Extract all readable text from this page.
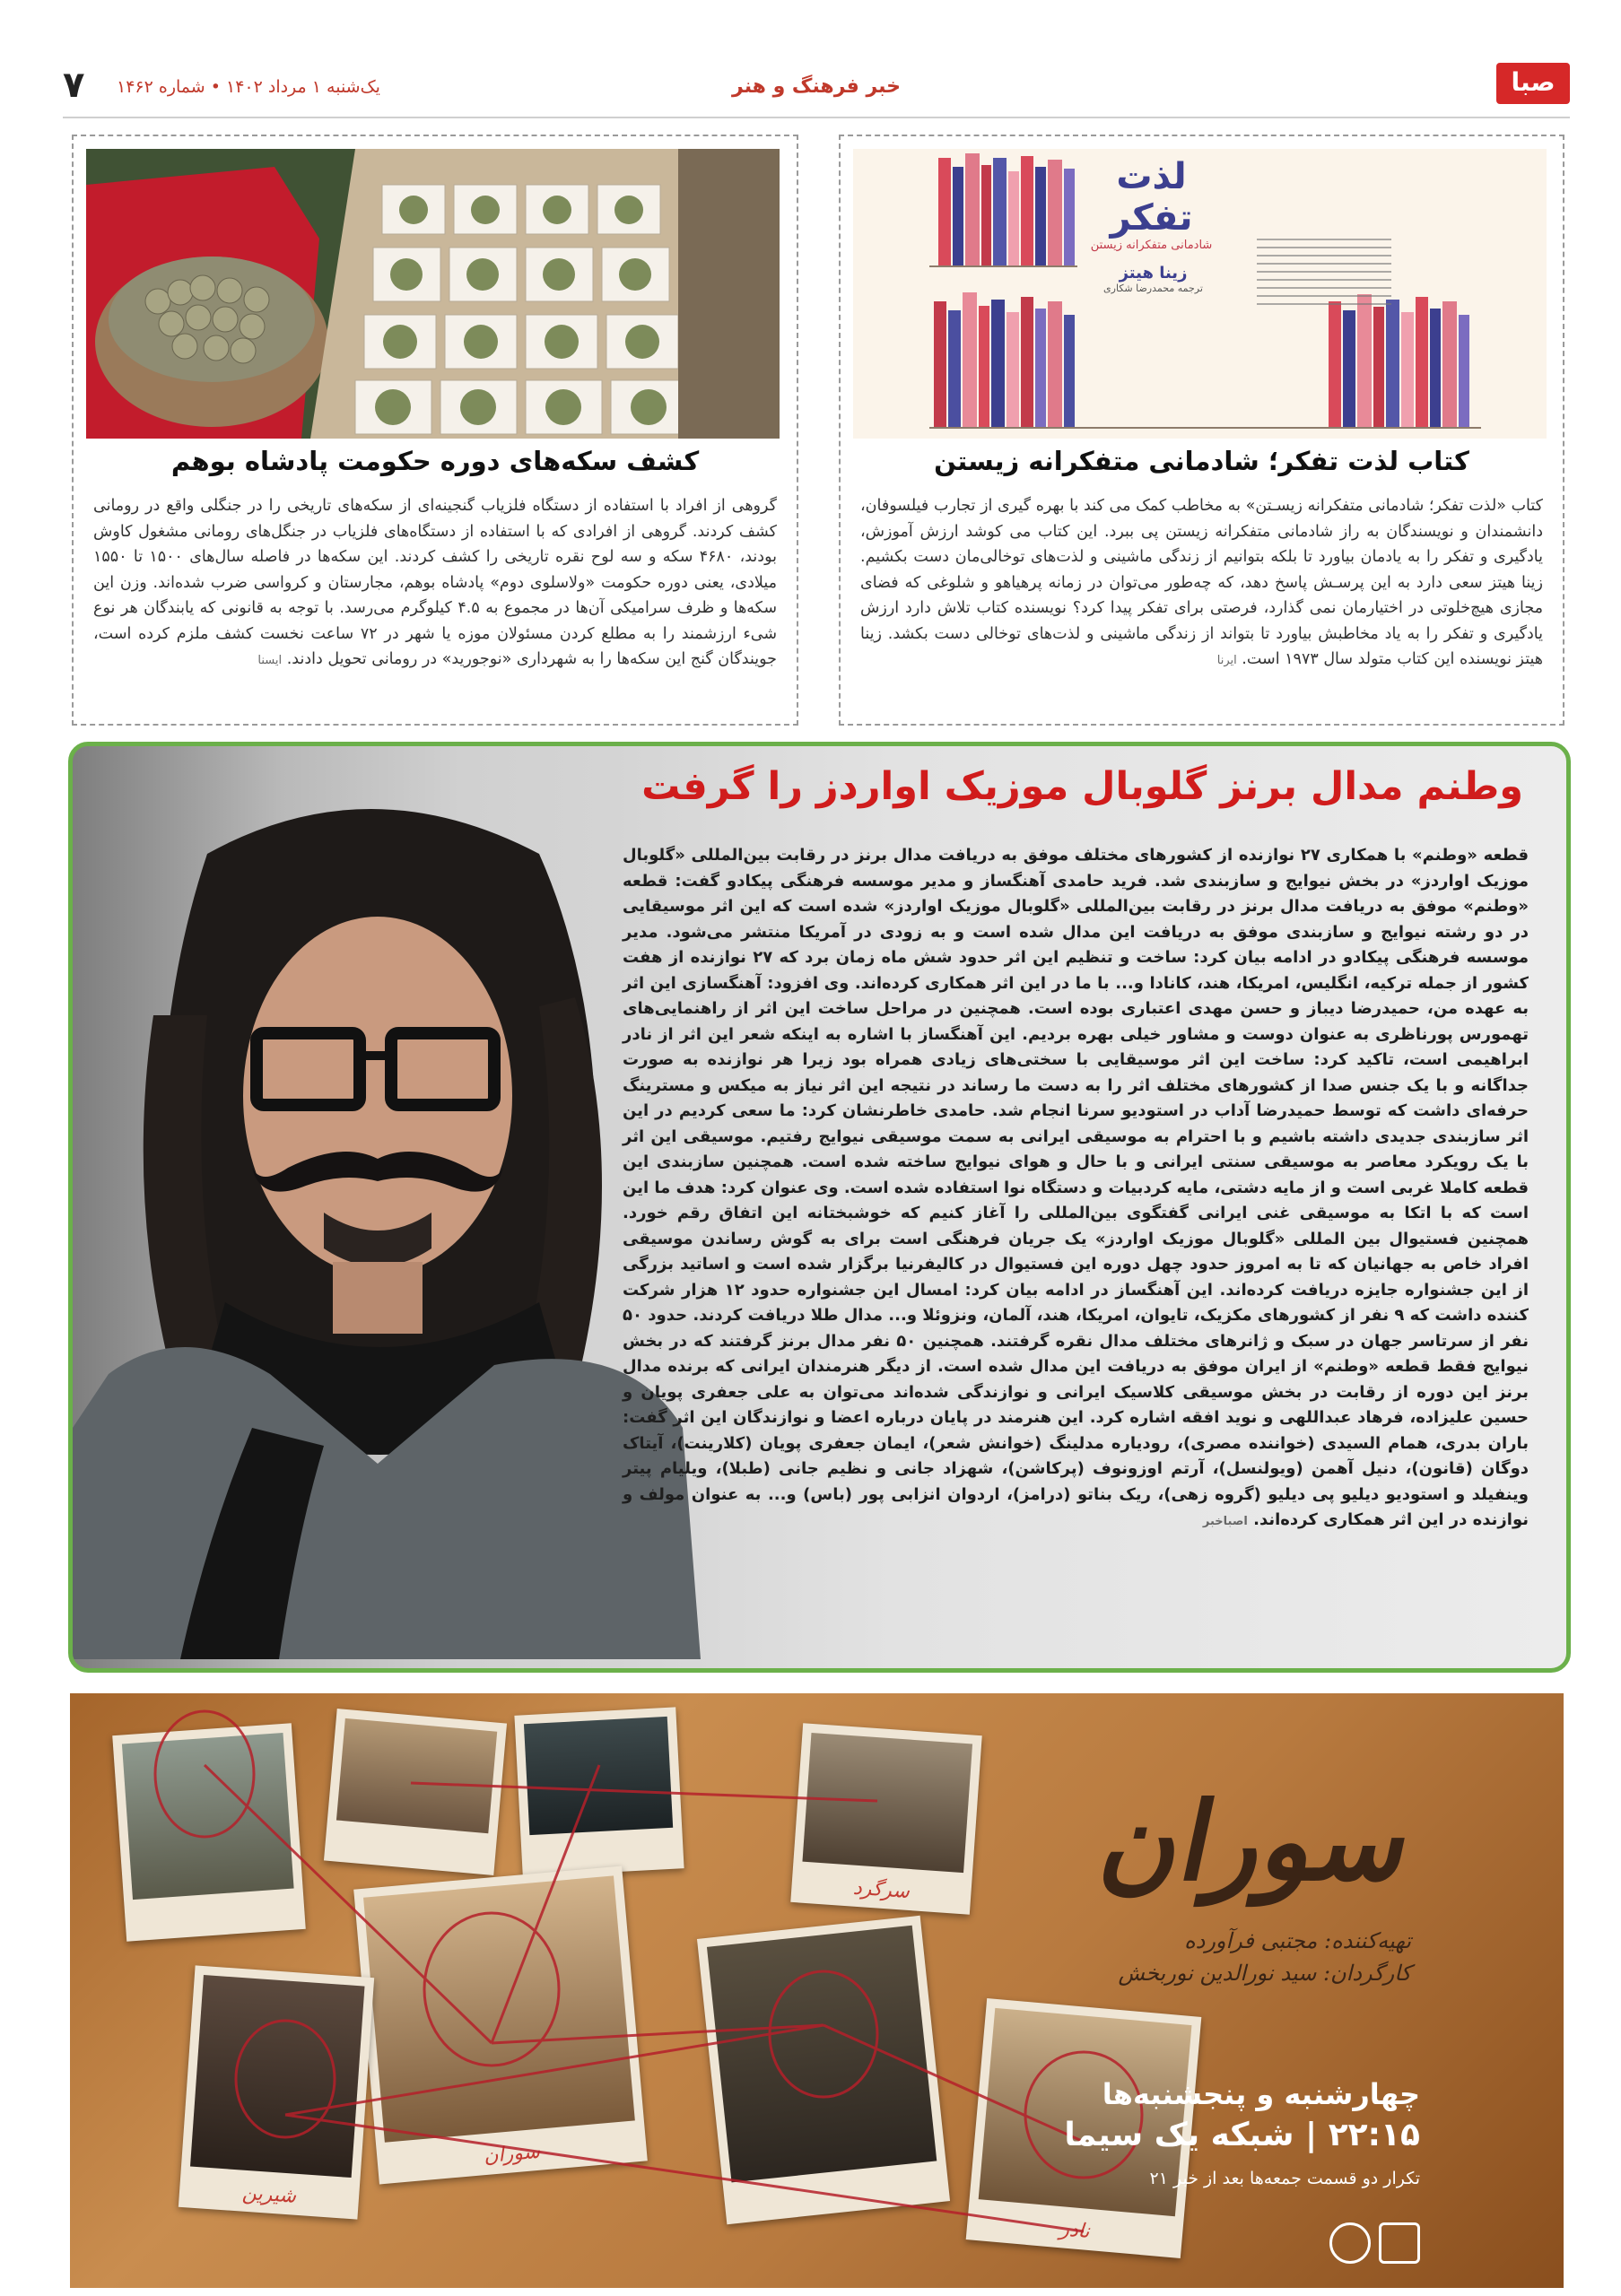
۷ یک‌شنبه ۱ مرداد ۱۴۰۲ • شماره ۱۴۶۲	خبر فرهنگ و هنر	صبا
لذت تفکر
شادمانی متفکرانه زیستن
زینا هیتز
ترجمه محمدرضا شکاری
کتاب لذت تفکر؛ شادمانی متفکرانه زیستن
کتاب «لذت تفکر؛ شادمانی متفکرانه زیسـتن» به مخاطب کمک می کند با بهره گیری از تجارب فیلسوفان، دانشمندان و نویسندگان به راز شادمانی متفکرانه زیستن پی ببرد. این کتاب می کوشد ارزش آموزش، یادگیری و تفکر را به یادمان بیاورد تا بلکه بتوانیم از زندگی ماشینی و لذت‌های توخالی‌مان دست بکشیم. زینا هیتز سعی دارد به این پرسـش پاسخ دهد، که چه‌طور می‌توان در زمانه پرهیاهو و شلوغی که فضای مجازی هیچ‌خلوتی در اختیارمان نمی گذارد، فرصتی برای تفکر پیدا کرد؟ نویسنده کتاب تلاش دارد ارزش یادگیری و تفکر را به یاد مخاطبش بیاورد تا بتواند از زندگی ماشینی و لذت‌های توخالی دست بکشد. زینا هیتز نویسنده این کتاب متولد سال ۱۹۷۳ است. ایرنا
کشف سکه‌های دوره حکومت پادشاه بوهم
گروهی از افراد با استفاده از دستگاه فلزیاب گنجینه‌ای از سکه‌های تاریخی را در جنگلی واقع در رومانی کشف کردند. گروهی از افرادی که با استفاده از دستگاه‌های فلزیاب در جنگل‌های رومانی مشغول کاوش بودند، ۴۶۸۰ سکه و سه لوح نقره تاریخی را کشف کردند. این سکه‌ها در فاصله سال‌های ۱۵۰۰ تا ۱۵۵۰ میلادی، یعنی دوره حکومت «ولاسلوی دوم» پادشاه بوهم، مجارستان و کرواسی ضرب شده‌اند. وزن این سکه‌ها و ظرف سرامیکی آن‌ها در مجموع به ۴.۵ کیلوگرم می‌رسد. با توجه به قانونی که یابندگان هر نوع شیء ارزشمند را به مطلع کردن مسئولان موزه یا شهر در ۷۲ ساعت نخست کشف ملزم کرده است، جویندگان گنج این سکه‌ها را به شهرداری «نوجورید» در رومانی تحویل دادند. ایسنا
وطنم مدال برنز گلوبال موزیک اواردز را گرفت
قطعه «وطنم» با همکاری ۲۷ نوازنده از کشورهای مختلف موفق به دریافت مدال برنز در رقابت بین‌المللی «گلوبال موزیک اواردز» در بخش نیوایج و سازبندی شد. فرید حامدی آهنگساز و مدیر موسسه فرهنگی پیکادو گفت: قطعه «وطنم» موفق به دریافت مدال برنز در رقابت بین‌المللی «گلوبال موزیک اواردز» شده است که این اثر موسیقایی در دو رشته نیوایج و سازبندی موفق به دریافت این مدال شده است و به زودی در آمریکا منتشر می‌شود. مدیر موسسه فرهنگی پیکادو در ادامه بیان کرد: ساخت و تنظیم این اثر حدود شش ماه زمان برد که ۲۷ نوازنده از هفت کشور از جمله ترکیه، انگلیس، امریکا، هند، کانادا و... با ما در این اثر همکاری کرده‌اند. وی افزود: آهنگسازی این اثر به عهده من، حمیدرضا دیباز و حسن مهدی اعتباری بوده است. همچنین در مراحل ساخت این اثر از راهنمایی‌های تهمورس پورناظری به عنوان دوست و مشاور خیلی بهره بردیم. این آهنگساز با اشاره به اینکه شعر این اثر از نادر ابراهیمی است، تاکید کرد: ساخت این اثر موسیقایی با سختی‌های زیادی همراه بود زیرا هر نوازنده به صورت جداگانه و با یک جنس صدا از کشورهای مختلف اثر را به دست ما رساند در نتیجه این اثر نیاز به میکس و مسترینگ حرفه‌ای داشت که توسط حمیدرضا آداب در استودیو سرنا انجام شد. حامدی خاطرنشان کرد: ما سعی کردیم در این اثر سازبندی جدیدی داشته باشیم و با احترام به موسیقی ایرانی به سمت موسیقی نیوایج رفتیم. موسیقی این اثر با یک رویکرد معاصر به موسیقی سنتی ایرانی و با حال و هوای نیوایج ساخته شده است. همچنین سازبندی این قطعه کاملا غربی است و از مایه دشتی، مایه کردبیات و دستگاه نوا استفاده شده است. وی عنوان کرد: هدف ما این است که با اتکا به موسیقی غنی ایرانی گفتگوی بین‌المللی را آغاز کنیم که خوشبختانه این اتفاق رقم خورد. همچنین فستیوال بین المللی «گلوبال موزیک اواردز» یک جریان فرهنگی است برای به گوش رساندن موسیقی افراد خاص به جهانیان که تا به امروز حدود چهل دوره این فستیوال در کالیفرنیا برگزار شده است و اساتید بزرگی از این جشنواره جایزه دریافت کرده‌اند. این آهنگساز در ادامه بیان کرد: امسال این جشنواره حدود ۱۲ هزار شرکت کننده داشت که ۹ نفر از کشورهای مکزیک، تایوان، امریکا، هند، آلمان، ونزوئلا و... مدال طلا دریافت کردند. حدود ۵۰ نفر از سرتاسر جهان در سبک و ژانرهای مختلف مدال نقره گرفتند. همچنین ۵۰ نفر مدال برنز گرفتند که در بخش نیوایج فقط قطعه «وطنم» از ایران موفق به دریافت این مدال شده است. از دیگر هنرمندان ایرانی که برنده مدال برنز این دوره از رقابت در بخش موسیقی کلاسیک ایرانی و نوازندگی شده‌اند می‌توان به علی جعفری پویان و حسین علیزاده، فرهاد عبداللهی و نوید افقه اشاره کرد. این هنرمند در پایان درباره اعضا و نوازندگان این اثر گفت: باران بدری، همام السیدی (خواننده مصری)، رودیاره مدلینگ (خوانش شعر)، ایمان جعفری پویان (کلارینت)، آیتاک دوگان (قانون)، دنیل آهمن (ویولنسل)، آرتم اوزونوف (پرکاشن)، شهزاد جانی و نظیم جانی (طبلا)، ویلیام پیتر وینفیلد و استودیو دیلیو پی دیلیو (گروه زهی)، ریک بناتو (درامز)، اردوان انزابی پور (باس) و... به عنوان مولف و نوازنده در این اثر همکاری کرده‌اند. اصباخبر
سرگرد
سوران
شیرین
نادر
سوران
تهیه‌کننده: مجتبی فرآورده
کارگردان: سید نورالدین نوربخش
چهارشنبه و پنجشنبه‌ها
۲۲:۱۵ | شبکه یک سیما
تکرار دو قسمت جمعه‌ها بعد از خبر ۲۱
